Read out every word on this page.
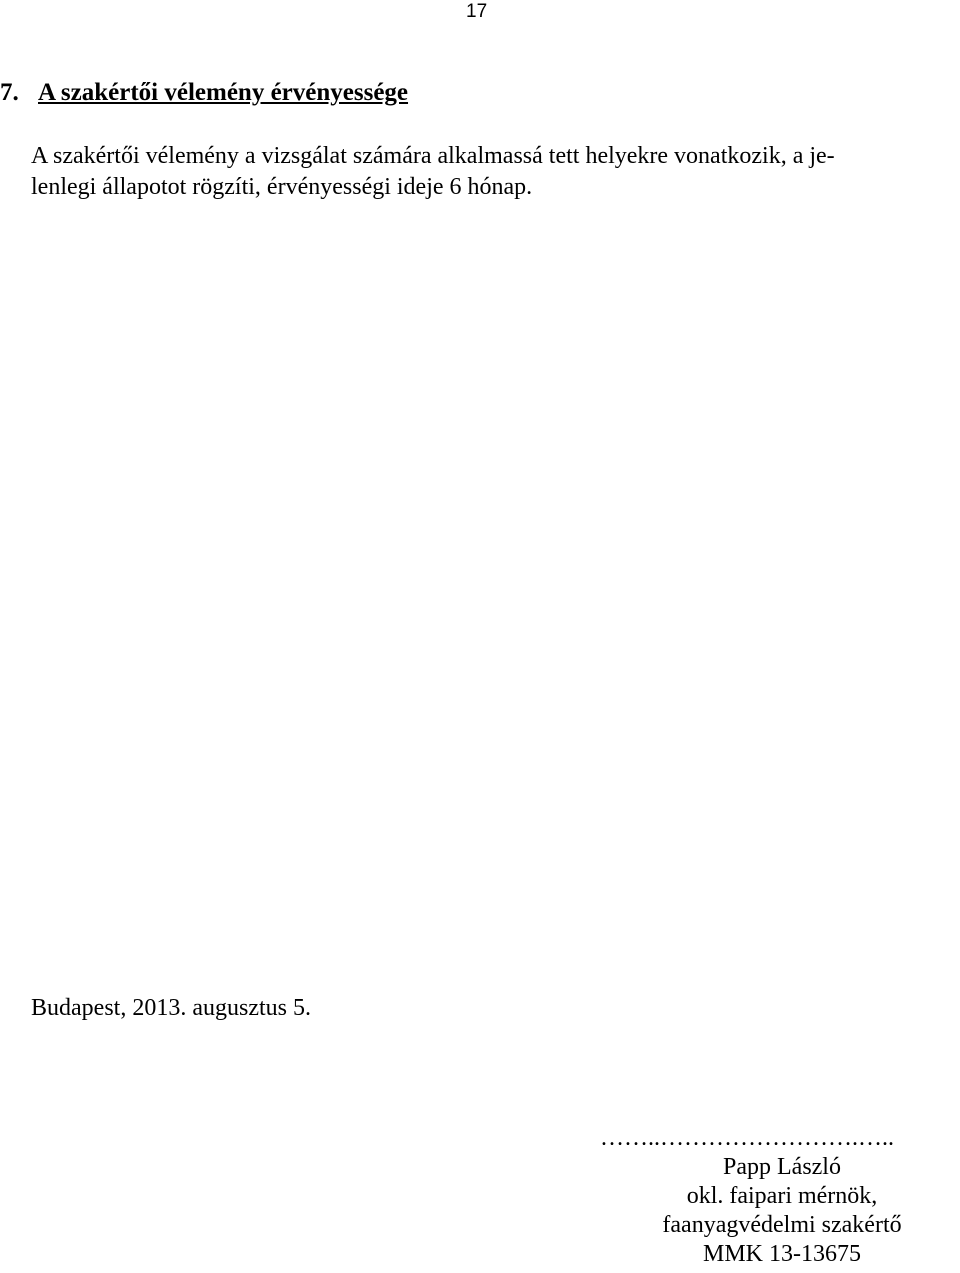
17
7. A szakértői vélemény érvényessége
A szakértői vélemény a vizsgálat számára alkalmassá tett helyekre vonatkozik, a je-
lenlegi állapotot rögzíti, érvényességi ideje 6 hónap.
Budapest, 2013. augusztus 5.
……..…………………….…..
Papp László
okl. faipari mérnök,
faanyagvédelmi szakértő
MMK 13-13675
